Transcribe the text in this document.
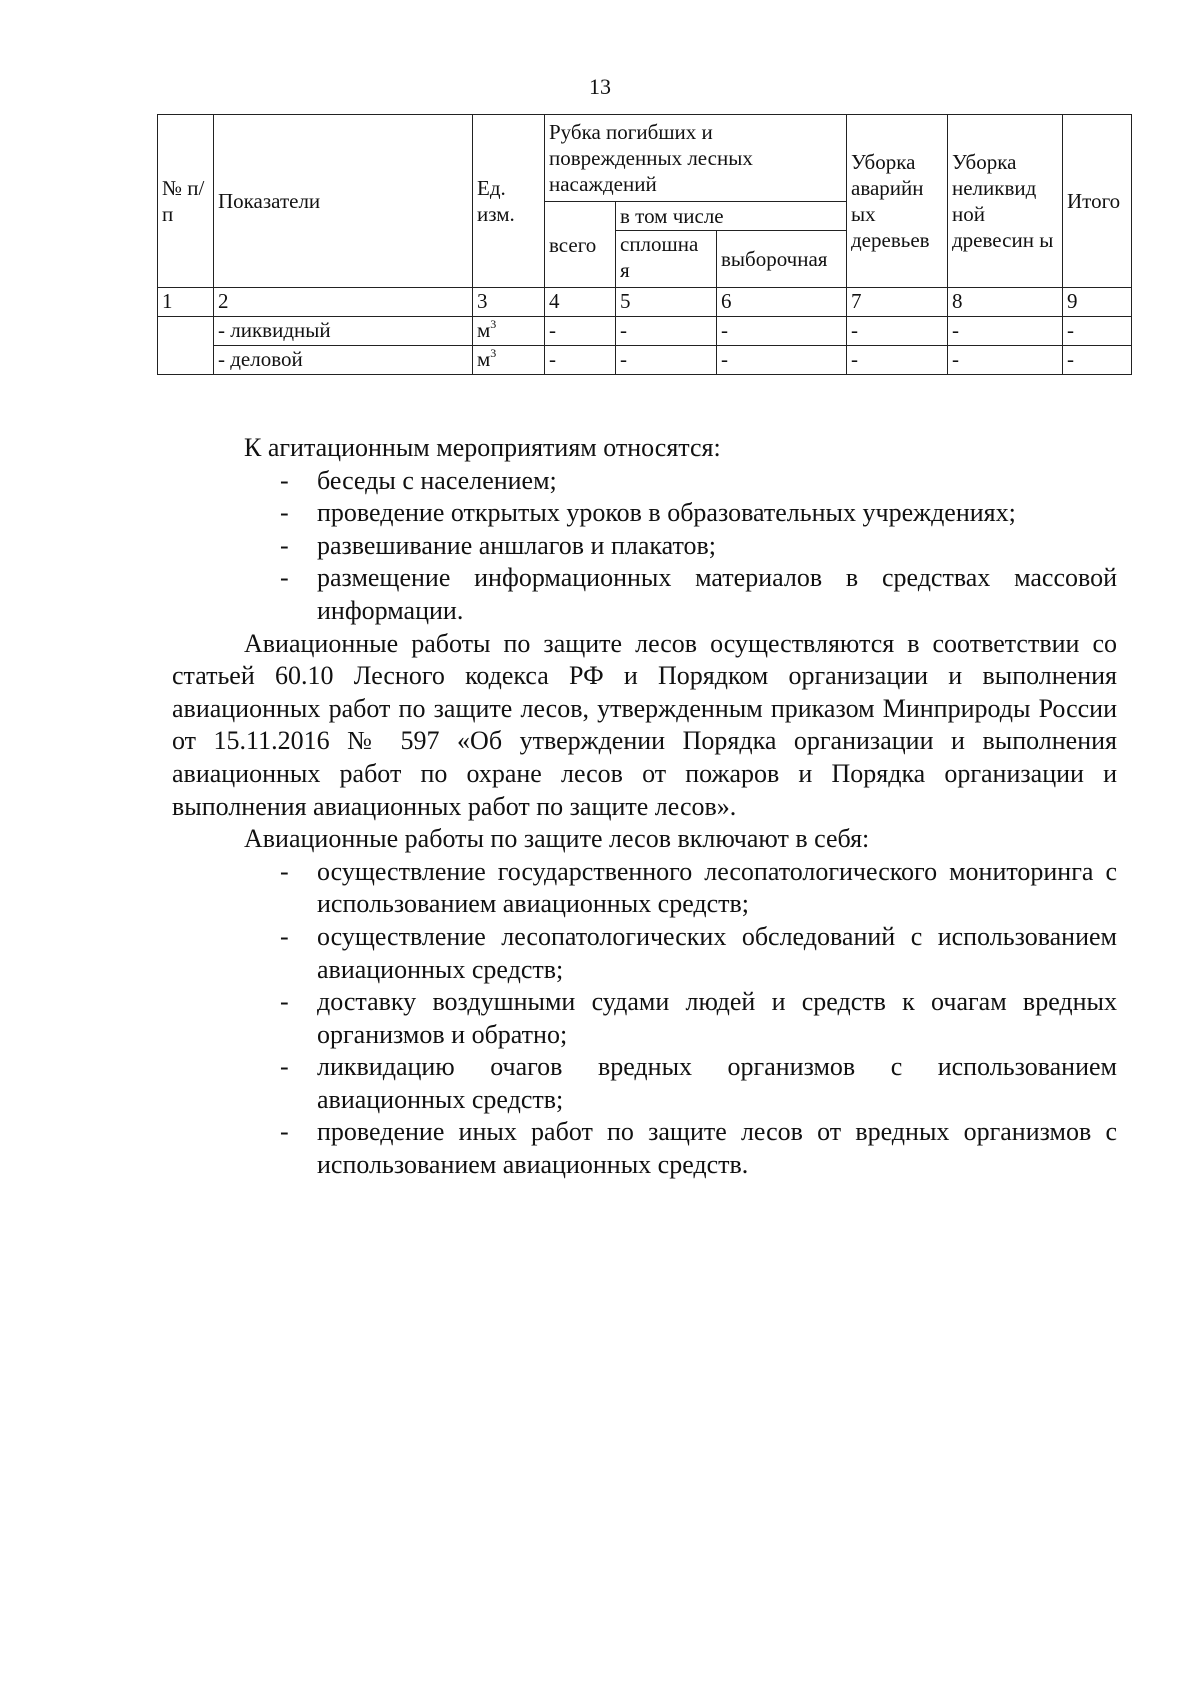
13
№ п/п	Показатели	Ед. изм.	Рубка погибших и поврежденных лесных насаждений			Уборка аварийн ых деревьев	Уборка неликвид ной древесин ы	Итого
			всего	в том числе				
				сплошна я	выборочная			
1	2	3	4	5	6	7	8	9
	- ликвидный	$м^3$	-	-	-	-	-	-
	- деловой	$м^3$	-	-	-	-	-	-

К агитационным мероприятиям относятся:

- беседы с населением;
- проведение открытых уроков в образовательных учреждениях;
- развешивание аншлагов и плакатов;
- размещение информационных материалов в средствах массовой информации.

Авиационные работы по защите лесов осуществляются в соответствии со статьей 60.10 Лесного кодекса РФ и Порядком организации и выполнения авиационных работ по защите лесов, утвержденным приказом Минприроды России от 15.11.2016 № 597 «Об утверждении Порядка организации и выполнения авиационных работ по охране лесов от пожаров и Порядка организации и выполнения авиационных работ по защите лесов».

Авиационные работы по защите лесов включают в себя:

- осуществление государственного лесопатологического мониторинга с использованием авиационных средств;
- осуществление лесопатологических обследований с использованием авиационных средств;
- доставку воздушными судами людей и средств к очагам вредных организмов и обратно;
- ликвидацию очагов вредных организмов с использованием авиационных средств;
- проведение иных работ по защите лесов от вредных организмов с использованием авиационных средств.
